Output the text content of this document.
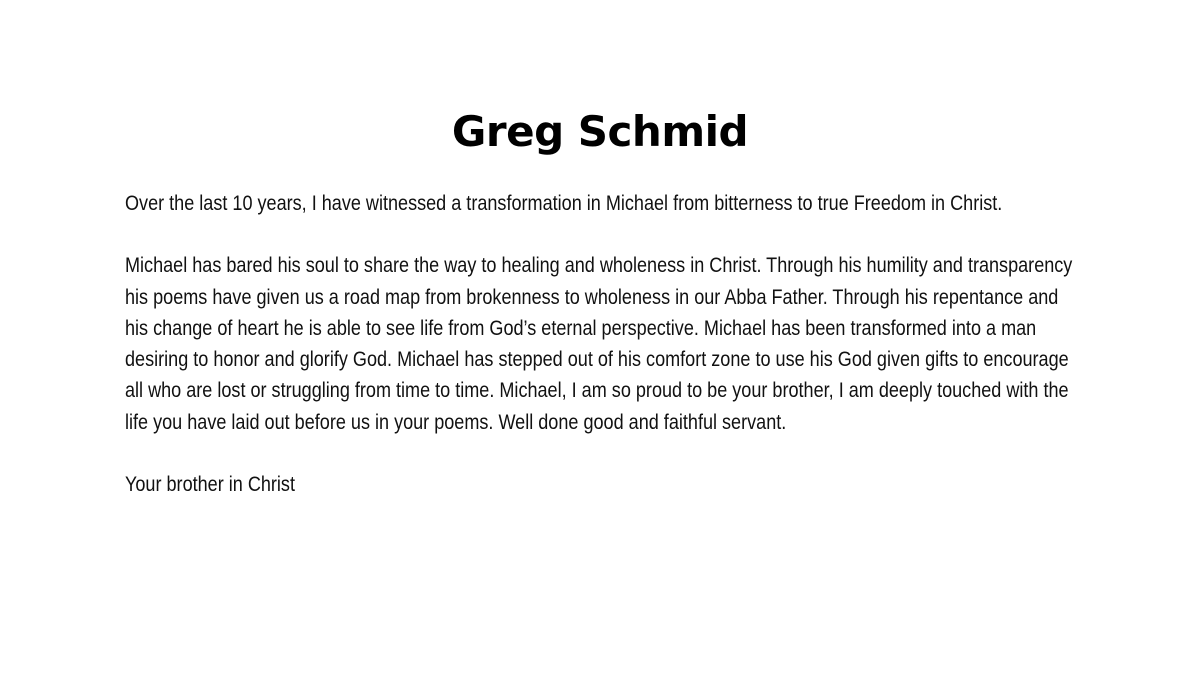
Greg Schmid

Over the last 10 years, I have witnessed a transformation in Michael from bitterness to true Freedom in Christ.

Michael has bared his soul to share the way to healing and wholeness in Christ. Through his humility and transparency his poems have given us a road map from brokenness to wholeness in our Abba Father. Through his repentance and his change of heart he is able to see life from God’s eternal perspective. Michael has been transformed into a man desiring to honor and glorify God. Michael has stepped out of his comfort zone to use his God given gifts to encourage all who are lost or struggling from time to time. Michael, I am so proud to be your brother, I am deeply touched with the life you have laid out before us in your poems. Well done good and faithful servant.

Your brother in Christ
